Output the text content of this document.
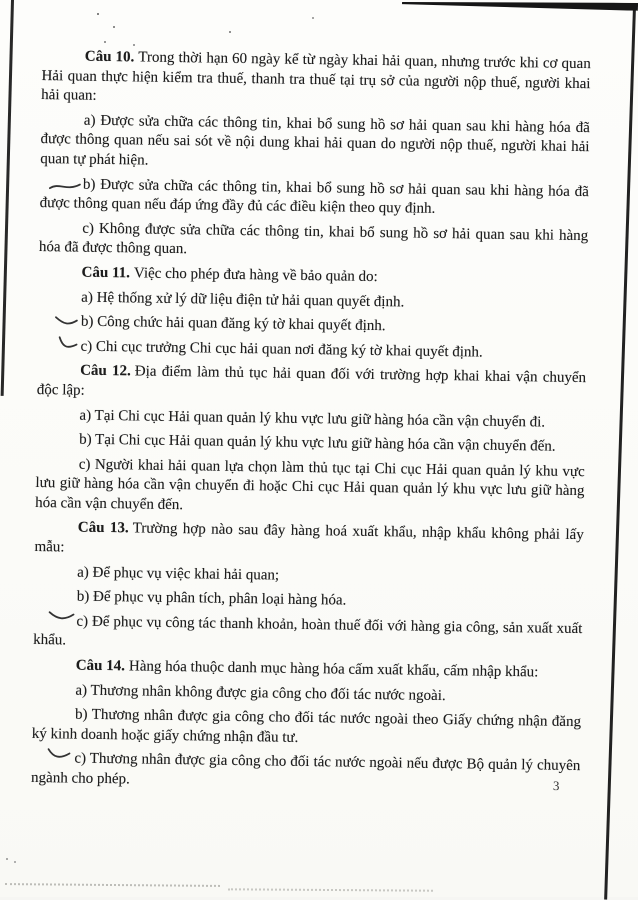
Câu 10. Trong thời hạn 60 ngày kể từ ngày khai hải quan, nhưng trước khi cơ quan Hải quan thực hiện kiểm tra thuế, thanh tra thuế tại trụ sở của người nộp thuế, người khai hải quan:
a) Được sửa chữa các thông tin, khai bổ sung hồ sơ hải quan sau khi hàng hóa đã được thông quan nếu sai sót về nội dung khai hải quan do người nộp thuế, người khai hải quan tự phát hiện.
b) Được sửa chữa các thông tin, khai bổ sung hồ sơ hải quan sau khi hàng hóa đã được thông quan nếu đáp ứng đầy đủ các điều kiện theo quy định.
c) Không được sửa chữa các thông tin, khai bổ sung hồ sơ hải quan sau khi hàng hóa đã được thông quan.
Câu 11. Việc cho phép đưa hàng về bảo quản do:
a) Hệ thống xử lý dữ liệu điện tử hải quan quyết định.
b) Công chức hải quan đăng ký tờ khai quyết định.
c) Chi cục trưởng Chi cục hải quan nơi đăng ký tờ khai quyết định.
Câu 12. Địa điểm làm thủ tục hải quan đối với trường hợp khai khai vận chuyển độc lập:
a) Tại Chi cục Hải quan quản lý khu vực lưu giữ hàng hóa cần vận chuyển đi.
b) Tại Chi cục Hải quan quản lý khu vực lưu giữ hàng hóa cần vận chuyển đến.
c) Người khai hải quan lựa chọn làm thủ tục tại Chi cục Hải quan quản lý khu vực lưu giữ hàng hóa cần vận chuyển đi hoặc Chi cục Hải quan quản lý khu vực lưu giữ hàng hóa cần vận chuyển đến.
Câu 13. Trường hợp nào sau đây hàng hoá xuất khẩu, nhập khẩu không phải lấy mẫu:
a) Để phục vụ việc khai hải quan;
b) Để phục vụ phân tích, phân loại hàng hóa.
c) Để phục vụ công tác thanh khoản, hoàn thuế đối với hàng gia công, sản xuất xuất khẩu.
Câu 14. Hàng hóa thuộc danh mục hàng hóa cấm xuất khẩu, cấm nhập khẩu:
a) Thương nhân không được gia công cho đối tác nước ngoài.
b) Thương nhân được gia công cho đối tác nước ngoài theo Giấy chứng nhận đăng ký kinh doanh hoặc giấy chứng nhận đầu tư.
c) Thương nhân được gia công cho đối tác nước ngoài nếu được Bộ quản lý chuyên ngành cho phép.	3
